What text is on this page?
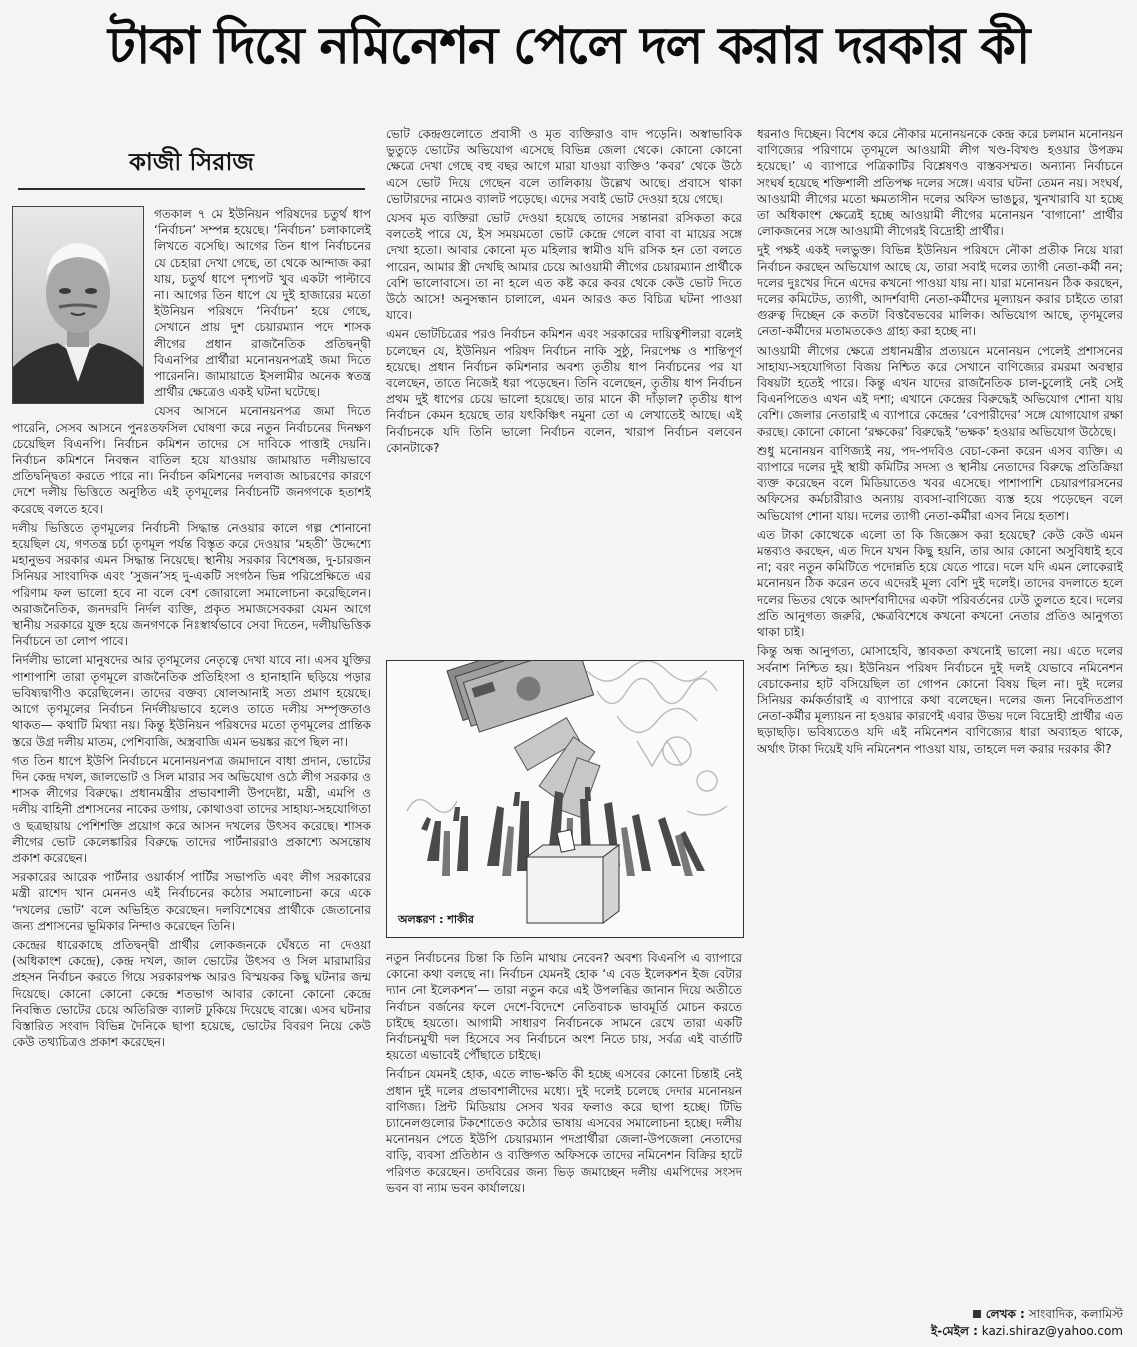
টাকা দিয়ে নমিনেশন পেলে দল করার দরকার কী
কাজী সিরাজ

গতকাল ৭ মে ইউনিয়ন পরিষদের চতুর্থ ধাপ ‘নির্বাচন’ সম্পন্ন হয়েছে। ‘নির্বাচন’ চলাকালেই লিখতে বসেছি। আগের তিন ধাপ নির্বাচনের যে চেহারা দেখা গেছে, তা থেকে আন্দাজ করা যায়, চতুর্থ ধাপে দৃশ্যপট খুব একটা পাল্টাবে না। আগের তিন ধাপে যে দুই হাজারের মতো ইউনিয়ন পরিষদে ‘নির্বাচন’ হয়ে গেছে, সেখানে প্রায় দুশ চেয়ারম্যান পদে শাসক লীগের প্রধান রাজনৈতিক প্রতিদ্বন্দ্বী বিএনপির প্রার্থীরা মনোনয়নপত্রই জমা দিতে পারেননি। জামায়াতে ইসলামীর অনেক স্বতন্ত্র প্রার্থীর ক্ষেত্রেও একই ঘটনা ঘটেছে।

যেসব আসনে মনোনয়নপত্র জমা দিতে পারেনি, সেসব আসনে পুনঃতফসিল ঘোষণা করে নতুন নির্বাচনের দিনক্ষণ চেয়েছিল বিএনপি। নির্বাচন কমিশন তাদের সে দাবিকে পাত্তাই দেয়নি। নির্বাচন কমিশনে নিবন্ধন বাতিল হয়ে যাওয়ায় জামায়াত দলীয়ভাবে প্রতিদ্বন্দ্বিতা করতে পারে না। নির্বাচন কমিশনের দলবাজ আচরণের কারণে দেশে দলীয় ভিত্তিতে অনুষ্ঠিত এই তৃণমূলের নির্বাচনটি জনগণকে হতাশই করেছে বলতে হবে।

দলীয় ভিত্তিতে তৃণমূলের নির্বাচনী সিদ্ধান্ত নেওয়ার কালে গল্প শোনানো হয়েছিল যে, গণতন্ত্র চর্চা তৃণমূল পর্যন্ত বিস্তৃত করে দেওয়ার ‘মহতী’ উদ্দেশ্যে মহানুভব সরকার এমন সিদ্ধান্ত নিয়েছে। স্থানীয় সরকার বিশেষজ্ঞ, দু-চারজন সিনিয়র সাংবাদিক এবং ‘সুজন’সহ দু-একটি সংগঠন ভিন্ন পরিপ্রেক্ষিতে এর পরিণাম ফল ভালো হবে না বলে বেশ জোরালো সমালোচনা করেছিলেন। অরাজনৈতিক, জনদরদি নির্দল ব্যক্তি, প্রকৃত সমাজসেবকরা যেমন আগে স্থানীয় সরকারে যুক্ত হয়ে জনগণকে নিঃস্বার্থভাবে সেবা দিতেন, দলীয়ভিত্তিক নির্বাচনে তা লোপ পাবে।

নির্দলীয় ভালো মানুষদের আর তৃণমূলের নেতৃত্বে দেখা যাবে না। এসব যুক্তির পাশাপাশি তারা তৃণমূলে রাজনৈতিক প্রতিহিংসা ও হানাহানি ছড়িয়ে পড়ার ভবিষ্যদ্বাণীও করেছিলেন। তাদের বক্তব্য ষোলআনাই সত্য প্রমাণ হয়েছে। আগে তৃণমূলের নির্বাচন নির্দলীয়ভাবে হলেও তাতে দলীয় সম্পৃক্ততাও থাকত— কথাটি মিথ্যা নয়। কিন্তু ইউনিয়ন পরিষদের মতো তৃণমূলের প্রান্তিক স্তরে উগ্র দলীয় মাতম, পেশিবাজি, অস্ত্রবাজি এমন ভয়ঙ্কর রূপে ছিল না।

গত তিন ধাপে ইউপি নির্বাচনে মনোনয়নপত্র জমাদানে বাধা প্রদান, ভোটের দিন কেন্দ্র দখল, জালভোট ও সিল মারার সব অভিযোগ ওঠে লীগ সরকার ও শাসক লীগের বিরুদ্ধে। প্রধানমন্ত্রীর প্রভাবশালী উপদেষ্টা, মন্ত্রী, এমপি ও দলীয় বাহিনী প্রশাসনের নাকের ডগায়, কোথাওবা তাদের সাহায্য-সহযোগিতা ও ছত্রছায়ায় পেশিশক্তি প্রয়োগ করে আসন দখলের উৎসব করেছে। শাসক লীগের ভোট কেলেঙ্কারির বিরুদ্ধে তাদের পার্টনাররাও প্রকাশ্যে অসন্তোষ প্রকাশ করেছেন।

সরকারের আরেক পার্টনার ওয়ার্কার্স পার্টির সভাপতি এবং লীগ সরকারের মন্ত্রী রাশেদ খান মেননও এই নির্বাচনের কঠোর সমালোচনা করে একে ‘দখলের ভোট’ বলে অভিহিত করেছেন। দলবিশেষের প্রার্থীকে জেতানোর জন্য প্রশাসনের ভূমিকার নিন্দাও করেছেন তিনি।

কেন্দ্রের ধারেকাছে প্রতিদ্বন্দ্বী প্রার্থীর লোকজনকে ঘেঁষতে না দেওয়া (অধিকাংশ কেন্দ্রে), কেন্দ্র দখল, জাল ভোটের উৎসব ও সিল মারামারির প্রহসন নির্বাচন করতে গিয়ে সরকারপক্ষ আরও বিস্ময়কর কিছু ঘটনার জন্ম দিয়েছে। কোনো কোনো কেন্দ্রে শতভাগ আবার কোনো কোনো কেন্দ্রে নিবন্ধিত ভোটের চেয়ে অতিরিক্ত ব্যালট ঢুকিয়ে দিয়েছে বাক্সে। এসব ঘটনার বিস্তারিত সংবাদ বিভিন্ন দৈনিকে ছাপা হয়েছে, ভোটের বিবরণ নিয়ে কেউ কেউ তথ্যচিত্রও প্রকাশ করেছেন।

ভোট কেন্দ্রগুলোতে প্রবাসী ও মৃত ব্যক্তিরাও বাদ পড়েনি। অস্বাভাবিক ভুতুড়ে ভোটের অভিযোগ এসেছে বিভিন্ন জেলা থেকে। কোনো কোনো ক্ষেত্রে দেখা গেছে বহু বছর আগে মারা যাওয়া ব্যক্তিও ‘কবর’ থেকে উঠে এসে ভোট দিয়ে গেছেন বলে তালিকায় উল্লেখ আছে। প্রবাসে থাকা ভোটারদের নামেও ব্যালট পড়েছে। এদের সবাই ভোট দেওয়া হয়ে গেছে।

যেসব মৃত ব্যক্তিরা ভোট দেওয়া হয়েছে তাদের সন্তানরা রসিকতা করে বলতেই পারে যে, ইস সময়মতো ভোট কেন্দ্রে গেলে বাবা বা মায়ের সঙ্গে দেখা হতো। আবার কোনো মৃত মহিলার স্বামীও যদি রসিক হন তো বলতে পারেন, আমার স্ত্রী দেখছি আমার চেয়ে আওয়ামী লীগের চেয়ারম্যান প্রার্থীকে বেশি ভালোবাসে। তা না হলে এত কষ্ট করে কবর থেকে কেউ ভোট দিতে উঠে আসে! অনুসন্ধান চালালে, এমন আরও কত বিচিত্র ঘটনা পাওয়া যাবে।

এমন ভোটচিত্রের পরও নির্বাচন কমিশন এবং সরকারের দায়িত্বশীলরা বলেই চলেছেন যে, ইউনিয়ন পরিষদ নির্বাচন নাকি সুষ্ঠু, নিরপেক্ষ ও শান্তিপূর্ণ হয়েছে। প্রধান নির্বাচন কমিশনার অবশ্য তৃতীয় ধাপ নির্বাচনের পর যা বলেছেন, তাতে নিজেই ধরা পড়েছেন। তিনি বলেছেন, তৃতীয় ধাপ নির্বাচন প্রথম দুই ধাপের চেয়ে ভালো হয়েছে। তার মানে কী দাঁড়াল? তৃতীয় ধাপ নির্বাচন কেমন হয়েছে তার যৎকিঞ্চিৎ নমুনা তো এ লেখাতেই আছে। এই নির্বাচনকে যদি তিনি ভালো নির্বাচন বলেন, খারাপ নির্বাচন বলবেন কোনটাকে?

নতুন নির্বাচনের চিন্তা কি তিনি মাথায় নেবেন? অবশ্য বিএনপি এ ব্যাপারে কোনো কথা বলছে না। নির্বাচন যেমনই হোক ‘এ বেড ইলেকশন ইজ বেটার দ্যান নো ইলেকশন’— তারা নতুন করে এই উপলব্ধির জানান দিয়ে অতীতে নির্বাচন বর্জনের ফলে দেশে-বিদেশে নেতিবাচক ভাবমূর্তি মোচন করতে চাইছে হয়তো। আগামী সাধারণ নির্বাচনকে সামনে রেখে তারা একটি নির্বাচনমুখী দল হিসেবে সব নির্বাচনে অংশ নিতে চায়, সর্বত্র এই বার্তাটি হয়তো এভাবেই পৌঁছাতে চাইছে।

নির্বাচন যেমনই হোক, এতে লাভ-ক্ষতি কী হচ্ছে এসবের কোনো চিন্তাই নেই প্রধান দুই দলের প্রভাবশালীদের মধ্যে। দুই দলেই চলেছে দেদার মনোনয়ন বাণিজ্য। প্রিন্ট মিডিয়ায় সেসব খবর ফলাও করে ছাপা হচ্ছে। টিভি চ্যানেলগুলোর টকশোতেও কঠোর ভাষায় এসবের সমালোচনা হচ্ছে। দলীয় মনোনয়ন পেতে ইউপি চেয়ারম্যান পদপ্রার্থীরা জেলা-উপজেলা নেতাদের বাড়ি, ব্যবসা প্রতিষ্ঠান ও ব্যক্তিগত অফিসকে তাদের নমিনেশন বিক্রির হাটে পরিণত করেছেন। তদবিরের জন্য ভিড় জমাচ্ছেন দলীয় এমপিদের সংসদ ভবন বা ন্যাম ভবন কার্যালয়ে।

অলঙ্করণ : শাকীর

ধরনাও দিচ্ছেন। বিশেষ করে নৌকার মনোনয়নকে কেন্দ্র করে চলমান মনোনয়ন বাণিজ্যের পরিণামে তৃণমূলে আওয়ামী লীগ খণ্ড-বিখণ্ড হওয়ার উপক্রম হয়েছে।’ এ ব্যাপারে পত্রিকাটির বিশ্লেষণও বাস্তবসম্মত। অন্যান্য নির্বাচনে সংঘর্ষ হয়েছে শক্তিশালী প্রতিপক্ষ দলের সঙ্গে। এবার ঘটনা তেমন নয়। সংঘর্ষ, আওয়ামী লীগের মতো ক্ষমতাসীন দলের অফিস ভাঙচুর, খুনখারাবি যা হচ্ছে তা অধিকাংশ ক্ষেত্রেই হচ্ছে আওয়ামী লীগের মনোনয়ন ‘বাগানো’ প্রার্থীর লোকজনের সঙ্গে আওয়ামী লীগেরই বিদ্রোহী প্রার্থীর।

দুই পক্ষই একই দলভুক্ত। বিভিন্ন ইউনিয়ন পরিষদে নৌকা প্রতীক নিয়ে যারা নির্বাচন করছেন অভিযোগ আছে যে, তারা সবাই দলের ত্যাগী নেতা-কর্মী নন; দলের দুঃখের দিনে এদের কখনো পাওয়া যায় না। যারা মনোনয়ন ঠিক করছেন, দলের কমিটেড, ত্যাগী, আদর্শবাদী নেতা-কর্মীদের মূল্যায়ন করার চাইতে তারা গুরুত্ব দিচ্ছেন কে কতটা বিত্তবৈভবের মালিক। অভিযোগ আছে, তৃণমূলের নেতা-কর্মীদের মতামতকেও গ্রাহ্য করা হচ্ছে না।

আওয়ামী লীগের ক্ষেত্রে প্রধানমন্ত্রীর প্রত্যয়নে মনোনয়ন পেলেই প্রশাসনের সাহায্য-সহযোগিতা বিজয় নিশ্চিত করে সেখানে বাণিজ্যের রমরমা অবস্থার বিষয়টা হতেই পারে। কিন্তু এখন যাদের রাজনৈতিক চাল-চুলোই নেই সেই বিএনপিতেও এখন এই দশা; এখানে কেন্দ্রের বিরুদ্ধেই অভিযোগ শোনা যায় বেশি। জেলার নেতারাই এ ব্যাপারে কেন্দ্রের ‘বেপারীদের’ সঙ্গে যোগাযোগ রক্ষা করছে। কোনো কোনো ‘রক্ষকের’ বিরুদ্ধেই ‘ভক্ষক’ হওয়ার অভিযোগ উঠেছে।

শুধু মনোনয়ন বাণিজ্যই নয়, পদ-পদবিও বেচা-কেনা করেন এসব ব্যক্তি। এ ব্যাপারে দলের দুই স্থায়ী কমিটির সদস্য ও স্থানীয় নেতাদের বিরুদ্ধে প্রতিক্রিয়া ব্যক্ত করেছেন বলে মিডিয়াতেও খবর এসেছে। পাশাপাশি চেয়ারপারসনের অফিসের কর্মচারীরাও অন্যায় ব্যবসা-বাণিজ্যে ব্যস্ত হয়ে পড়েছেন বলে অভিযোগ শোনা যায়। দলের ত্যাগী নেতা-কর্মীরা এসব নিয়ে হতাশ।

এত টাকা কোত্থেকে এলো তা কি জিজ্ঞেস করা হয়েছে? কেউ কেউ এমন মন্তব্যও করছেন, এত দিনে যখন কিছু হয়নি, তার আর কোনো অসুবিধাই হবে না; বরং নতুন কমিটিতে পদোন্নতি হয়ে যেতে পারে। দলে যদি এমন লোকেরাই মনোনয়ন ঠিক করেন তবে এদেরই মূল্য বেশি দুই দলেই। তাদের বদলাতে হলে দলের ভিতর থেকে আদর্শবাদীদের একটা পরিবর্তনের ঢেউ তুলতে হবে। দলের প্রতি আনুগত্য জরুরি, ক্ষেত্রবিশেষে কখনো কখনো নেতার প্রতিও আনুগত্য থাকা চাই।

কিন্তু অন্ধ আনুগত্য, মোসাহেবি, স্তাবকতা কখনোই ভালো নয়। এতে দলের সর্বনাশ নিশ্চিত হয়। ইউনিয়ন পরিষদ নির্বাচনে দুই দলই যেভাবে নমিনেশন বেচাকেনার হাট বসিয়েছিল তা গোপন কোনো বিষয় ছিল না। দুই দলের সিনিয়র কর্মকর্তারাই এ ব্যাপারে কথা বলেছেন। দলের জন্য নিবেদিতপ্রাণ নেতা-কর্মীর মূল্যায়ন না হওয়ার কারণেই এবার উভয় দলে বিদ্রোহী প্রার্থীর এত ছড়াছড়ি। ভবিষ্যতেও যদি এই নমিনেশন বাণিজ্যের ধারা অব্যাহত থাকে, অর্থাৎ টাকা দিয়েই যদি নমিনেশন পাওয়া যায়, তাহলে দল করার দরকার কী?

লেখক : সাংবাদিক, কলামিস্ট
ই-মেইল : kazi.shiraz@yahoo.com
